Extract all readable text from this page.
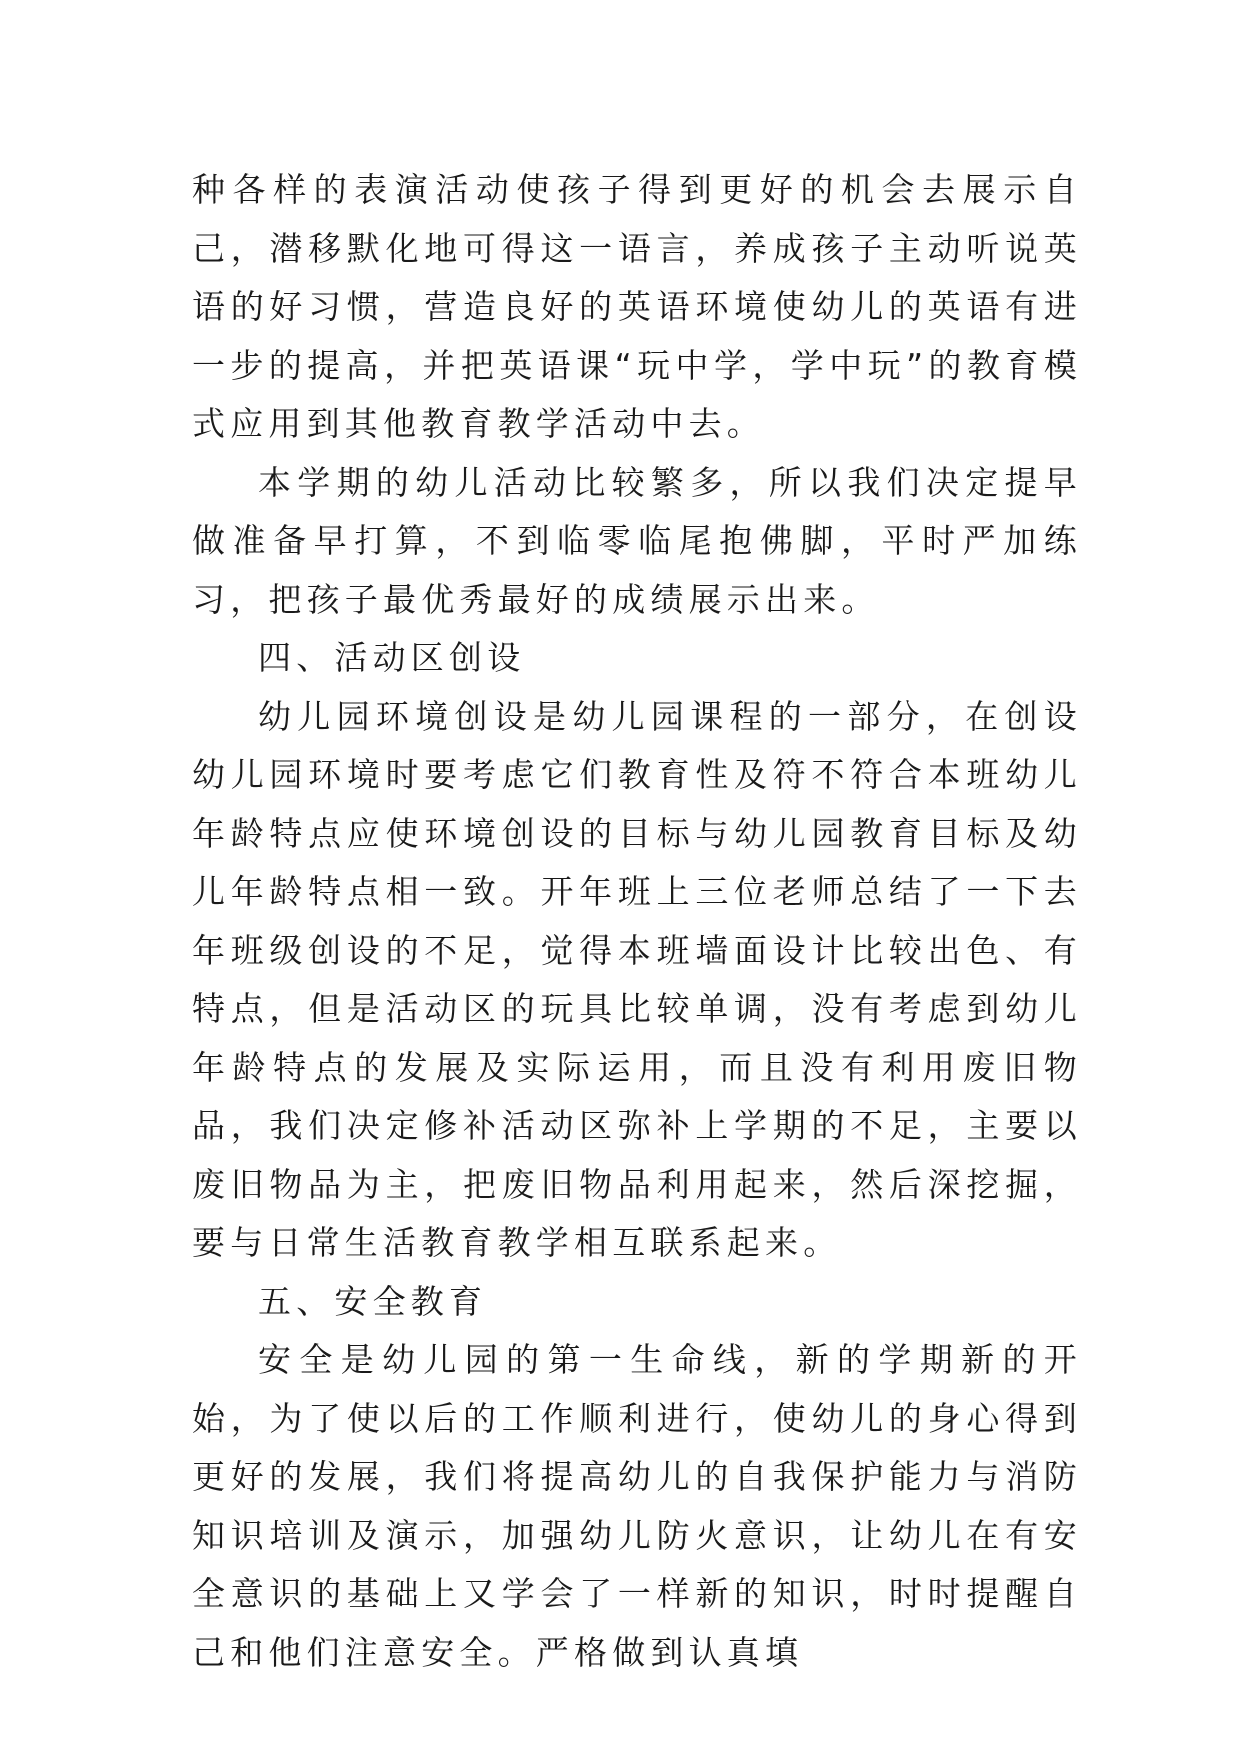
种各样的表演活动使孩子得到更好的机会去展示自己，潜移默化地可得这一语言，养成孩子主动听说英语的好习惯，营造良好的英语环境使幼儿的英语有进一步的提高，并把英语课“玩中学，学中玩”的教育模式应用到其他教育教学活动中去。

本学期的幼儿活动比较繁多，所以我们决定提早做准备早打算，不到临零临尾抱佛脚，平时严加练习，把孩子最优秀最好的成绩展示出来。

四、活动区创设

幼儿园环境创设是幼儿园课程的一部分，在创设幼儿园环境时要考虑它们教育性及符不符合本班幼儿年龄特点应使环境创设的目标与幼儿园教育目标及幼儿年龄特点相一致。开年班上三位老师总结了一下去年班级创设的不足，觉得本班墙面设计比较出色、有特点，但是活动区的玩具比较单调，没有考虑到幼儿年龄特点的发展及实际运用，而且没有利用废旧物品，我们决定修补活动区弥补上学期的不足，主要以废旧物品为主，把废旧物品利用起来，然后深挖掘，要与日常生活教育教学相互联系起来。

五、安全教育

安全是幼儿园的第一生命线，新的学期新的开始，为了使以后的工作顺利进行，使幼儿的身心得到更好的发展，我们将提高幼儿的自我保护能力与消防知识培训及演示，加强幼儿防火意识，让幼儿在有安全意识的基础上又学会了一样新的知识，时时提醒自己和他们注意安全。严格做到认真填
